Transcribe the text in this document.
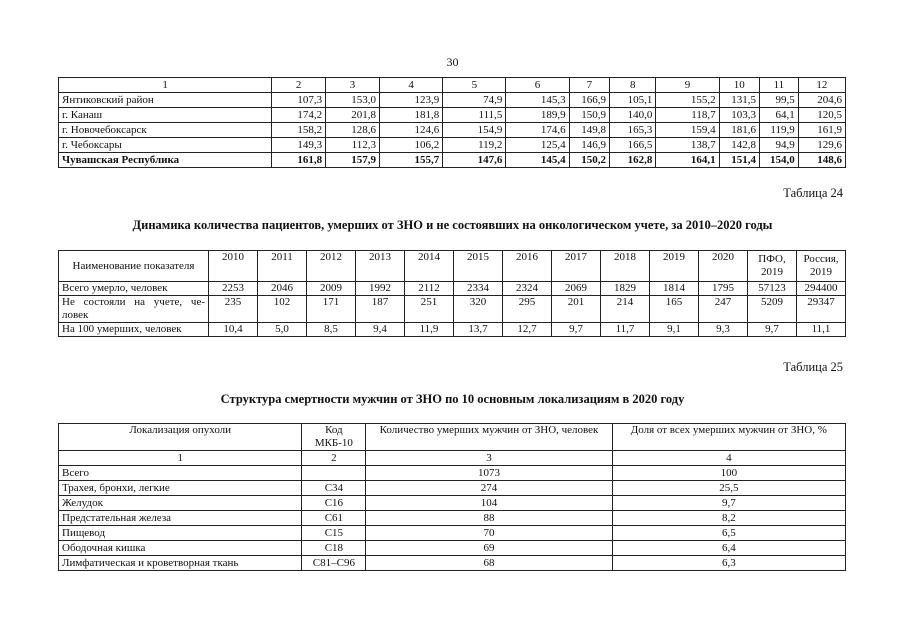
30
1	2	3	4	5	6	7	8	9	10	11	12
Янтиковский район	107,3	153,0	123,9	74,9	145,3	166,9	105,1	155,2	131,5	99,5	204,6
г. Канаш	174,2	201,8	181,8	111,5	189,9	150,9	140,0	118,7	103,3	64,1	120,5
г. Новочебоксарск	158,2	128,6	124,6	154,9	174,6	149,8	165,3	159,4	181,6	119,9	161,9
г. Чебоксары	149,3	112,3	106,2	119,2	125,4	146,9	166,5	138,7	142,8	94,9	129,6
Чувашская Республика	161,8	157,9	155,7	147,6	145,4	150,2	162,8	164,1	151,4	154,0	148,6
Таблица 24
Динамика количества пациентов, умерших от ЗНО и не состоявших на онкологическом учете, за 2010–2020 годы
Наименование показателя	2010	2011	2012	2013	2014	2015	2016	2017	2018	2019	2020	ПФО, 2019	Россия, 2019
Всего умерло, человек	2253	2046	2009	1992	2112	2334	2324	2069	1829	1814	1795	57123	294400
Не состояли на учете, че-ловек	235	102	171	187	251	320	295	201	214	165	247	5209	29347
На 100 умерших, человек	10,4	5,0	8,5	9,4	11,9	13,7	12,7	9,7	11,7	9,1	9,3	9,7	11,1
Таблица 25
Структура смертности мужчин от ЗНО по 10 основным локализациям в 2020 году
Локализация опухоли	Код МКБ-10	Количество умерших мужчин от ЗНО, человек	Доля от всех умерших мужчин от ЗНО, %
1	2	3	4
Всего		1073	100
Трахея, бронхи, легкие	С34	274	25,5
Желудок	С16	104	9,7
Предстательная железа	С61	88	8,2
Пищевод	С15	70	6,5
Ободочная кишка	С18	69	6,4
Лимфатическая и кроветворная ткань	С81–С96	68	6,3
